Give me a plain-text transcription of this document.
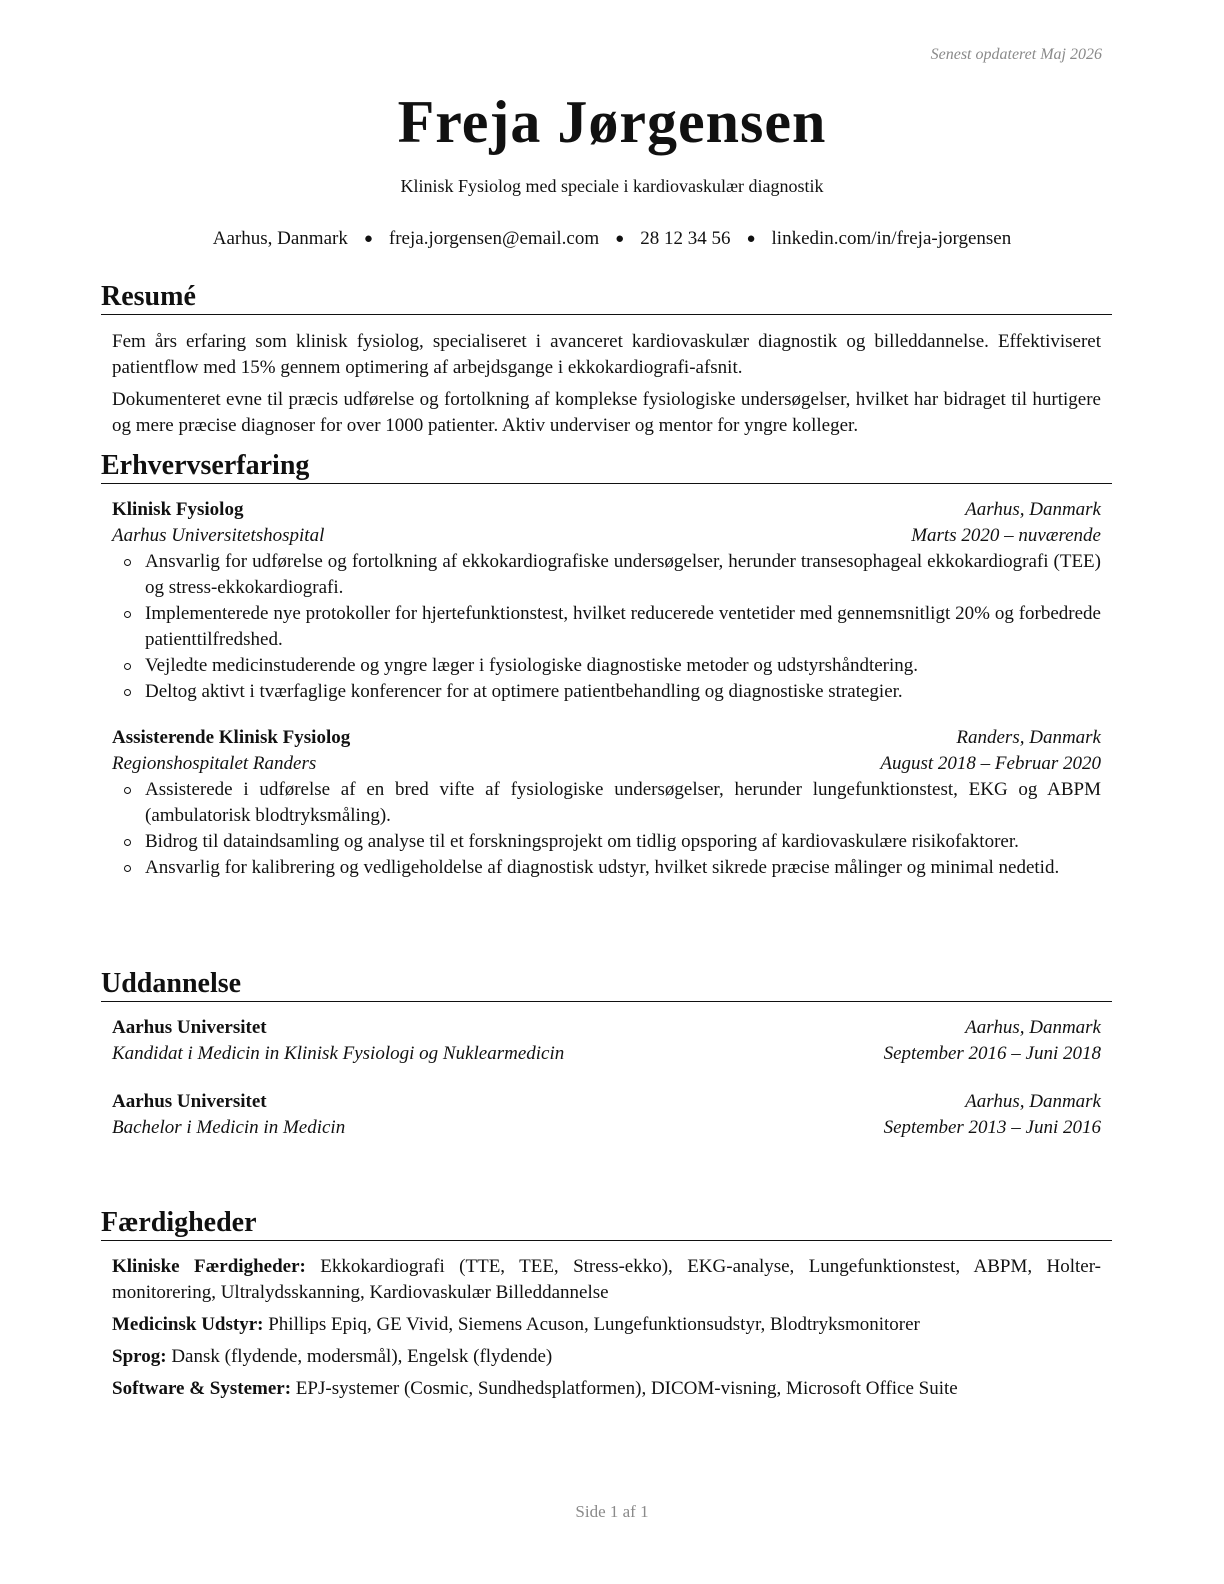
Senest opdateret Maj 2026
Freja Jørgensen
Klinisk Fysiolog med speciale i kardiovaskulær diagnostik
Aarhus, Danmark ● freja.jorgensen@email.com ● 28 12 34 56 ● linkedin.com/in/freja-jorgensen
Resumé

Fem års erfaring som klinisk fysiolog, specialiseret i avanceret kardiovaskulær diagnostik og billeddannelse. Effektiviseret patientflow med 15% gennem optimering af arbejdsgange i ekkokardiografi-afsnit.

Dokumenteret evne til præcis udførelse og fortolkning af komplekse fysiologiske undersøgelser, hvilket har bidraget til hurtigere og mere præcise diagnoser for over 1000 patienter. Aktiv underviser og mentor for yngre kolleger.

Erhvervserfaring
Klinisk Fysiolog	Aarhus, Danmark
Aarhus Universitetshospital	Marts 2020 – nuværende
Ansvarlig for udførelse og fortolkning af ekkokardiografiske undersøgelser, herunder transesophageal ekkokardiografi (TEE) og stress-ekkokardiografi.
Implementerede nye protokoller for hjertefunktionstest, hvilket reducerede ventetider med gennemsnitligt 20% og forbedrede patienttilfredshed.
Vejledte medicinstuderende og yngre læger i fysiologiske diagnostiske metoder og udstyrshåndtering.
Deltog aktivt i tværfaglige konferencer for at optimere patientbehandling og diagnostiske strategier.
Assisterende Klinisk Fysiolog	Randers, Danmark
Regionshospitalet Randers	August 2018 – Februar 2020
Assisterede i udførelse af en bred vifte af fysiologiske undersøgelser, herunder lungefunktionstest, EKG og ABPM (ambulatorisk blodtryksmåling).
Bidrog til dataindsamling og analyse til et forskningsprojekt om tidlig opsporing af kardiovaskulære risikofaktorer.
Ansvarlig for kalibrering og vedligeholdelse af diagnostisk udstyr, hvilket sikrede præcise målinger og minimal nedetid.
Uddannelse
Aarhus Universitet	Aarhus, Danmark
Kandidat i Medicin in Klinisk Fysiologi og Nuklearmedicin	September 2016 – Juni 2018
Aarhus Universitet	Aarhus, Danmark
Bachelor i Medicin in Medicin	September 2013 – Juni 2016
Færdigheder

Kliniske Færdigheder: Ekkokardiografi (TTE, TEE, Stress-ekko), EKG-analyse, Lungefunktionstest, ABPM, Holter-monitorering, Ultralydsskanning, Kardiovaskulær Billeddannelse

Medicinsk Udstyr: Phillips Epiq, GE Vivid, Siemens Acuson, Lungefunktionsudstyr, Blodtryksmonitorer

Sprog: Dansk (flydende, modersmål), Engelsk (flydende)

Software & Systemer: EPJ-systemer (Cosmic, Sundhedsplatformen), DICOM-visning, Microsoft Office Suite

Side 1 af 1
